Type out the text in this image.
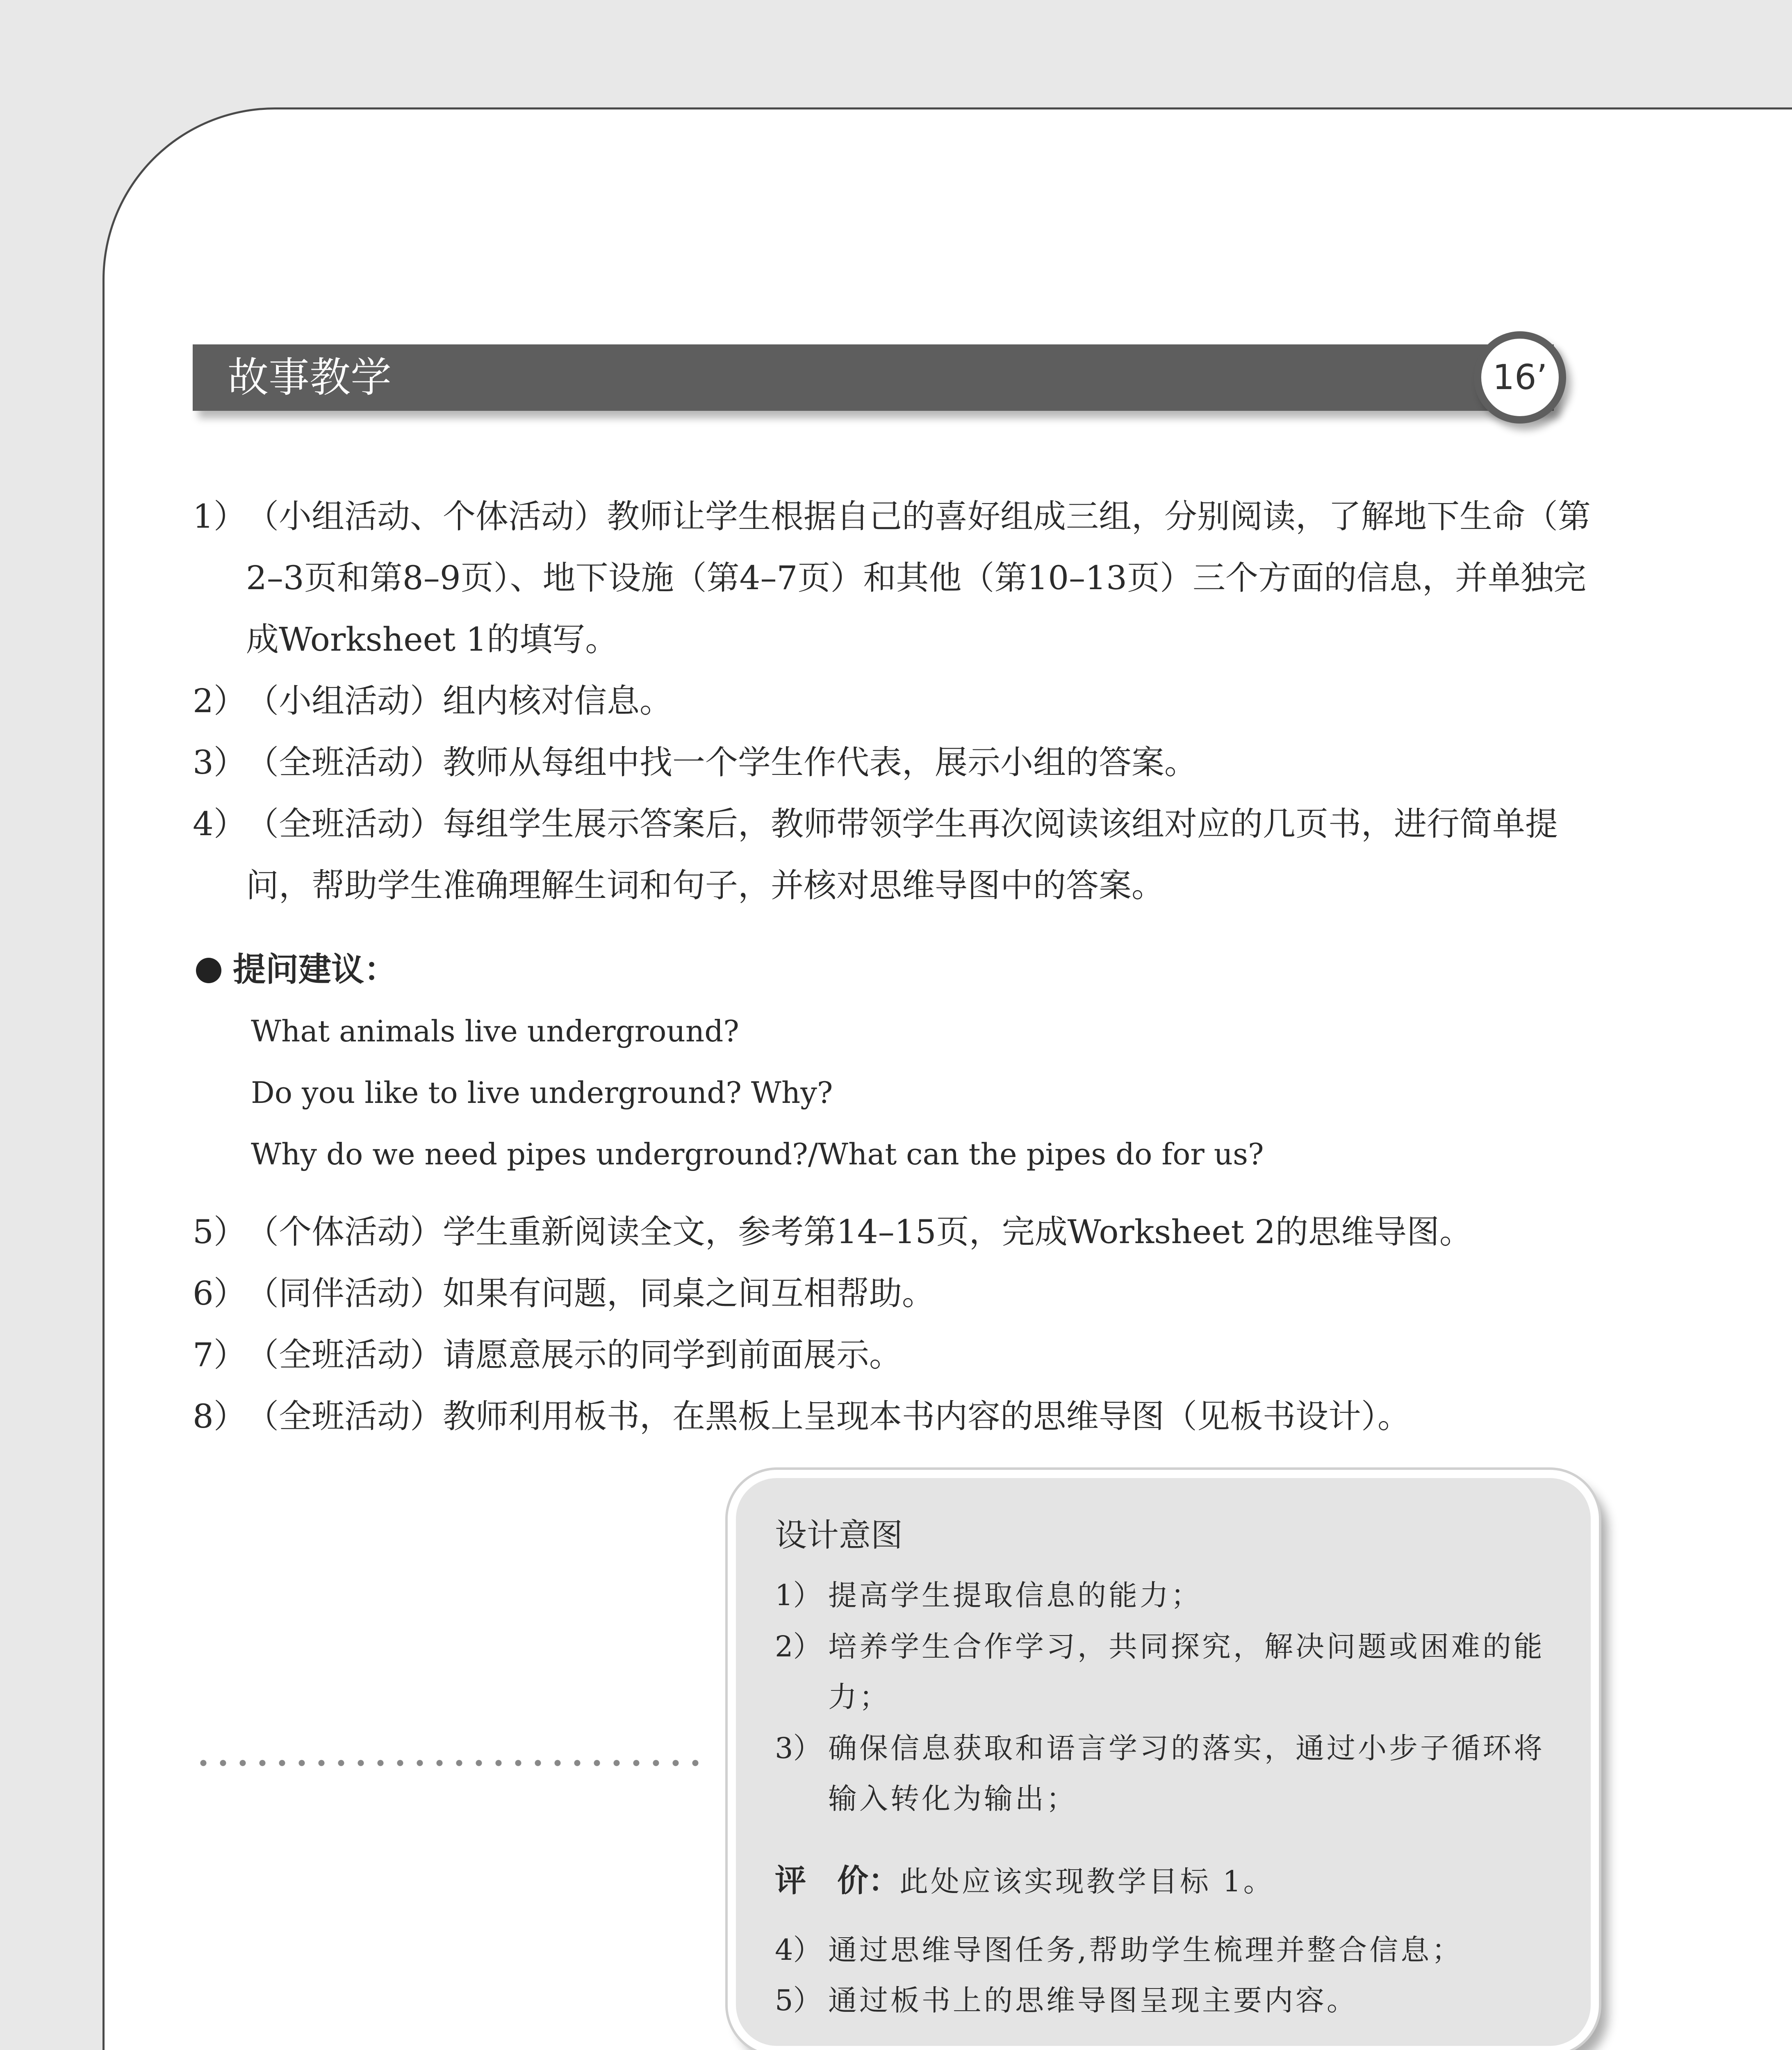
故事教学	16’
1） （小组活动、个体活动）教师让学生根据自己的喜好组成三组，分别阅读，了解地下生命（第2–3页和第8–9页）、地下设施（第4–7页）和其他（第10–13页）三个方面的信息，并单独完成Worksheet 1的填写。
2） （小组活动）组内核对信息。
3） （全班活动）教师从每组中找一个学生作代表，展示小组的答案。
4） （全班活动）每组学生展示答案后，教师带领学生再次阅读该组对应的几页书，进行简单提问，帮助学生准确理解生词和句子，并核对思维导图中的答案。
提问建议：
What animals live underground?
Do you like to live underground? Why?
Why do we need pipes underground?/What can the pipes do for us?
5） （个体活动）学生重新阅读全文，参考第14–15页，完成Worksheet 2的思维导图。
6） （同伴活动）如果有问题，同桌之间互相帮助。
7） （全班活动）请愿意展示的同学到前面展示。
8） （全班活动）教师利用板书，在黑板上呈现本书内容的思维导图（见板书设计）。
设计意图
1） 提高学生提取信息的能力；
2） 培养学生合作学习，共同探究，解决问题或困难的能力；
3） 确保信息获取和语言学习的落实，通过小步子循环将输入转化为输出；
评　价：此处应该实现教学目标 1。
4） 通过思维导图任务,帮助学生梳理并整合信息；
5） 通过板书上的思维导图呈现主要内容。
